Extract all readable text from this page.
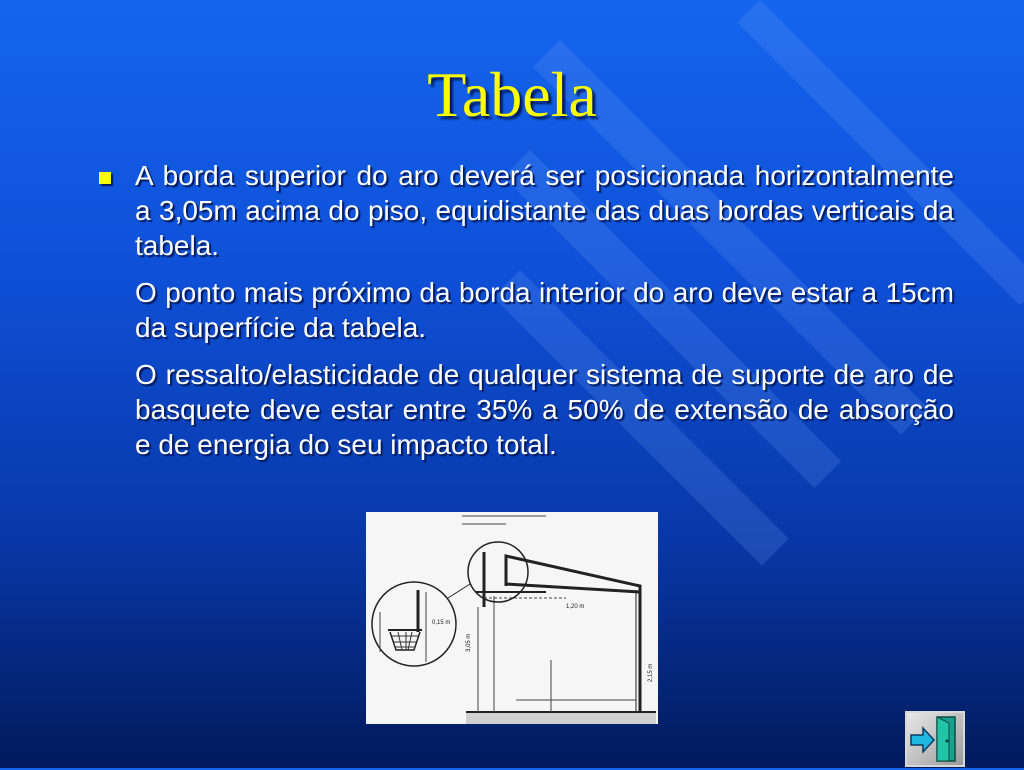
Tabela

A borda superior do aro deverá ser posicionada horizontalmente a 3,05m acima do piso, equidistante das duas bordas verticais da tabela.

O ponto mais próximo da borda interior do aro deve estar a 15cm da superfície da tabela.

O ressalto/elasticidade de qualquer sistema de suporte de aro de basquete deve estar entre 35% a 50% de extensão de absorção e de energia do seu impacto total.

3,05 m
1,20 m
0,15 m
2,15 m
